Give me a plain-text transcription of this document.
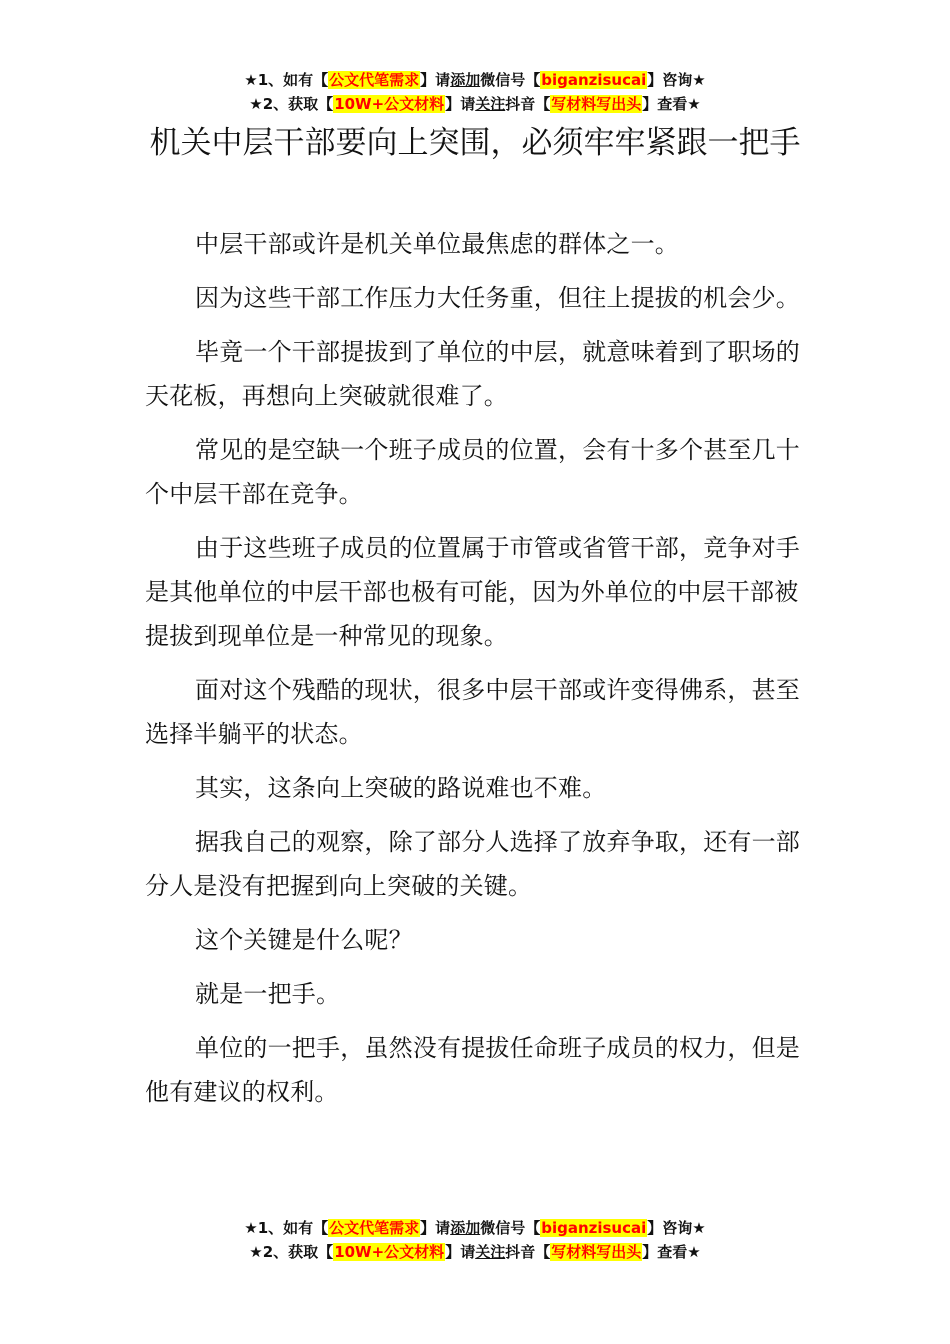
★1、如有【公文代笔需求】请添加微信号【biganzisucai】咨询★
★2、获取【10W+公文材料】请关注抖音【写材料写出头】查看★
机关中层干部要向上突围，必须牢牢紧跟一把手

中层干部或许是机关单位最焦虑的群体之一。

因为这些干部工作压力大任务重，但往上提拔的机会少。

毕竟一个干部提拔到了单位的中层，就意味着到了职场的天花板，再想向上突破就很难了。

常见的是空缺一个班子成员的位置，会有十多个甚至几十个中层干部在竞争。

由于这些班子成员的位置属于市管或省管干部，竞争对手是其他单位的中层干部也极有可能，因为外单位的中层干部被提拔到现单位是一种常见的现象。

面对这个残酷的现状，很多中层干部或许变得佛系，甚至选择半躺平的状态。

其实，这条向上突破的路说难也不难。

据我自己的观察，除了部分人选择了放弃争取，还有一部分人是没有把握到向上突破的关键。

这个关键是什么呢？

就是一把手。

单位的一把手，虽然没有提拔任命班子成员的权力，但是他有建议的权利。

★1、如有【公文代笔需求】请添加微信号【biganzisucai】咨询★
★2、获取【10W+公文材料】请关注抖音【写材料写出头】查看★
